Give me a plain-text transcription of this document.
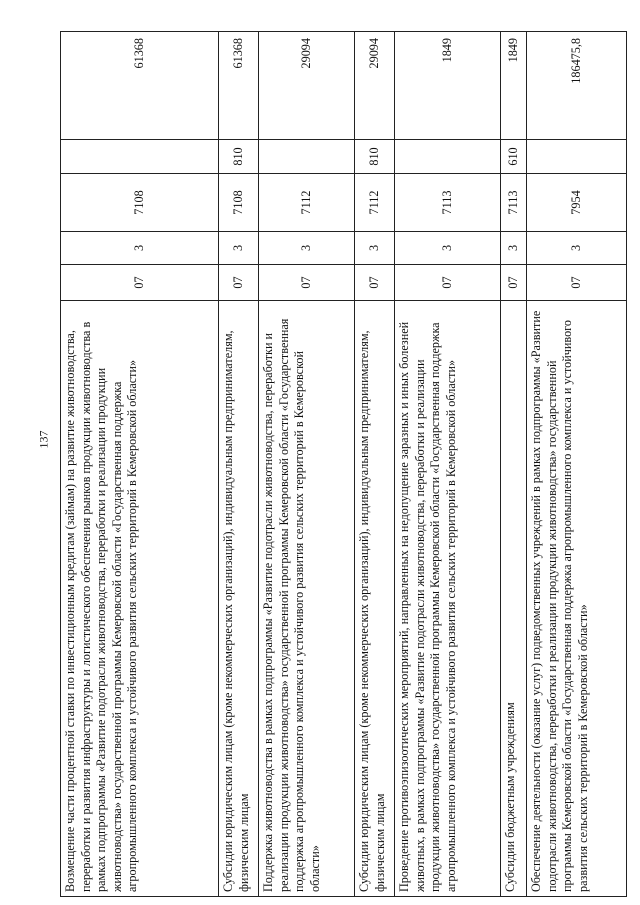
137 Возмещение части процентной ставки по инвестиционным кредитам (займам) на развитие животноводства, переработки и развития инфраструктуры и логистического обеспечения рынков продукции животноводства в рамках подпрограммы «Развитие подотрасли животноводства, переработки и реализации продукции животноводства» государственной программы Кемеровской области «Государственная поддержка агропромышленного комплекса и устойчивого развития сельских территорий в Кемеровской области»	07	3	7108		61368
Субсидии юридическим лицам (кроме некоммерческих организаций), индивидуальным предпринимателям, физическим лицам	07	3	7108	810	61368
Поддержка животноводства в рамках подпрограммы «Развитие подотрасли животноводства, переработки и реализации продукции животноводства» государственной программы Кемеровской области «Государственная поддержка агропромышленного комплекса и устойчивого развития сельских территорий в Кемеровской области»	07	3	7112		29094
Субсидии юридическим лицам (кроме некоммерческих организаций), индивидуальным предпринимателям, физическим лицам	07	3	7112	810	29094
Проведение противоэпизоотических мероприятий, направленных на недопущение заразных и иных болезней животных, в рамках подпрограммы «Развитие подотрасли животноводства, переработки и реализации продукции животноводства» государственной программы Кемеровской области «Государственная поддержка агропромышленного комплекса и устойчивого развития сельских территорий в Кемеровской области»	07	3	7113		1849
Субсидии бюджетным учреждениям	07	3	7113	610	1849
Обеспечение деятельности (оказание услуг) подведомственных учреждений в рамках подпрограммы «Развитие подотрасли животноводства, переработки и реализации продукции животноводства» государственной программы Кемеровской области «Государственная поддержка агропромышленного комплекса и устойчивого развития сельских территорий в Кемеровской области»	07	3	7954		186475,8
